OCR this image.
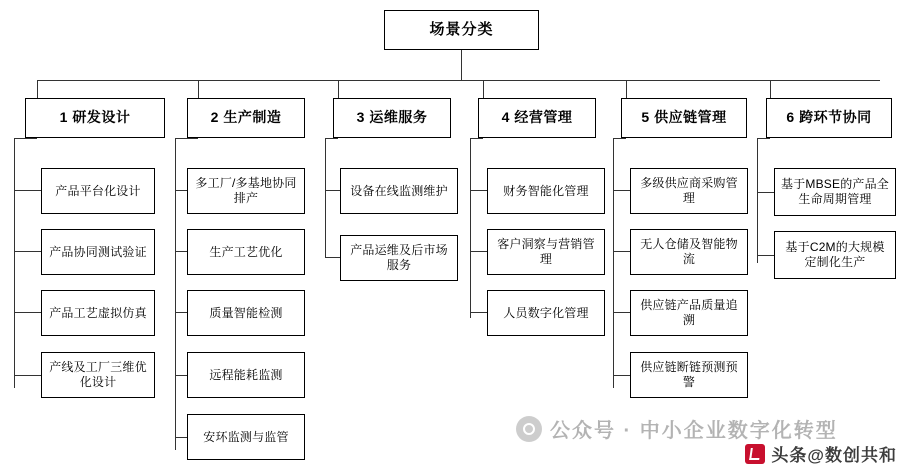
场景分类
1 研发设计	2 生产制造	3 运维服务	4 经营管理	5 供应链管理	6 跨环节协同
产品平台化设计
产品协同测试验证
产品工艺虚拟仿真
产线及工厂三维优化设计
多工厂/多基地协同排产
生产工艺优化
质量智能检测
远程能耗监测
安环监测与监管
设备在线监测维护
产品运维及后市场服务
财务智能化管理
客户洞察与营销管理
人员数字化管理
多级供应商采购管理
无人仓储及智能物流
供应链产品质量追溯
供应链断链预测预警
基于MBSE的产品全生命周期管理
基于C2M的大规模定制化生产
公众号 · 中小企业数字化转型
头条@数创共和
